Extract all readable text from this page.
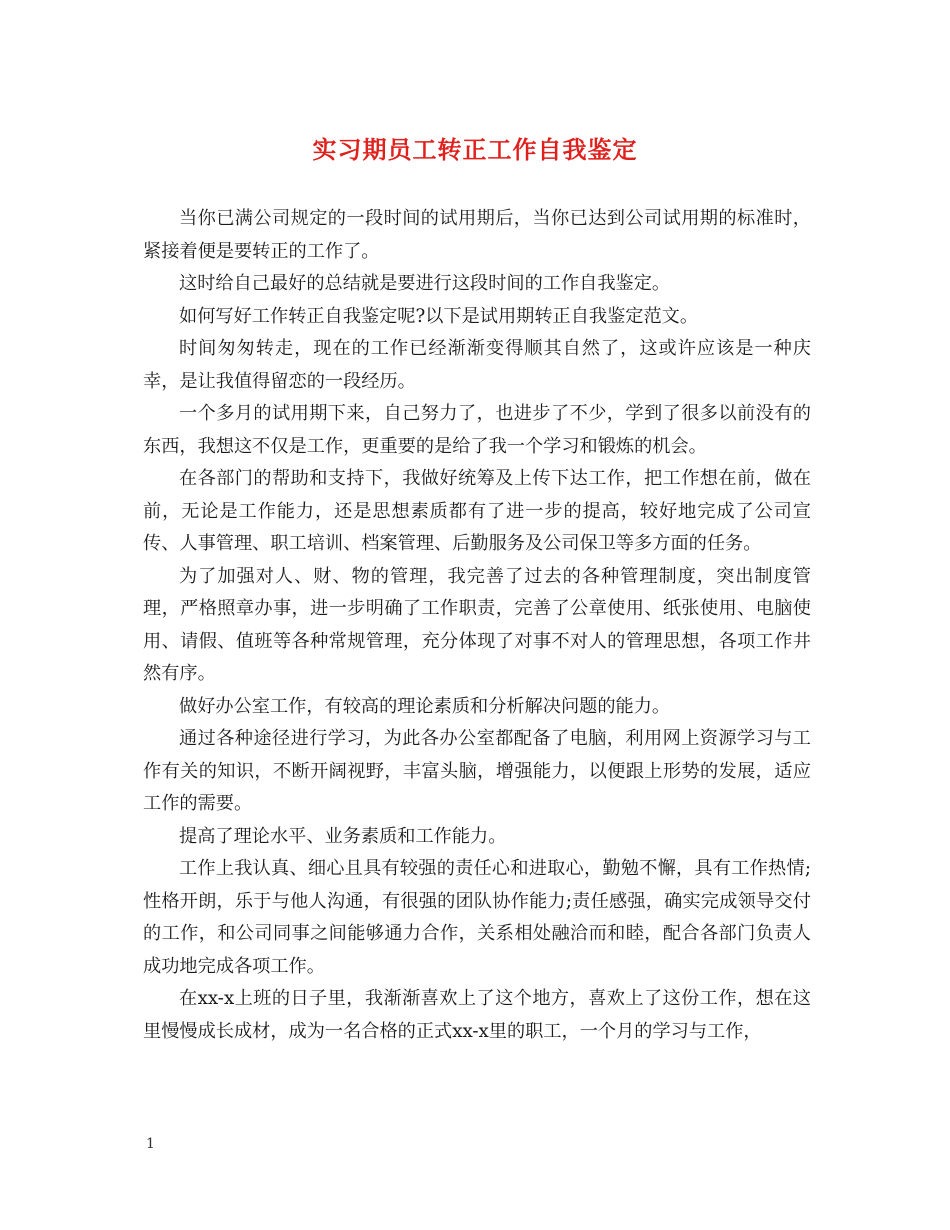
实习期员工转正工作自我鉴定

当你已满公司规定的一段时间的试用期后，当你已达到公司试用期的标准时，紧接着便是要转正的工作了。

这时给自己最好的总结就是要进行这段时间的工作自我鉴定。

如何写好工作转正自我鉴定呢?以下是试用期转正自我鉴定范文。

时间匆匆转走，现在的工作已经渐渐变得顺其自然了，这或许应该是一种庆幸，是让我值得留恋的一段经历。

一个多月的试用期下来，自己努力了，也进步了不少，学到了很多以前没有的东西，我想这不仅是工作，更重要的是给了我一个学习和锻炼的机会。

在各部门的帮助和支持下，我做好统筹及上传下达工作，把工作想在前，做在前，无论是工作能力，还是思想素质都有了进一步的提高，较好地完成了公司宣传、人事管理、职工培训、档案管理、后勤服务及公司保卫等多方面的任务。

为了加强对人、财、物的管理，我完善了过去的各种管理制度，突出制度管理，严格照章办事，进一步明确了工作职责，完善了公章使用、纸张使用、电脑使用、请假、值班等各种常规管理，充分体现了对事不对人的管理思想，各项工作井然有序。

做好办公室工作，有较高的理论素质和分析解决问题的能力。

通过各种途径进行学习，为此各办公室都配备了电脑，利用网上资源学习与工作有关的知识，不断开阔视野，丰富头脑，增强能力，以便跟上形势的发展，适应工作的需要。

提高了理论水平、业务素质和工作能力。

工作上我认真、细心且具有较强的责任心和进取心，勤勉不懈，具有工作热情;性格开朗，乐于与他人沟通，有很强的团队协作能力;责任感强，确实完成领导交付的工作，和公司同事之间能够通力合作，关系相处融洽而和睦，配合各部门负责人成功地完成各项工作。

在xx-x上班的日子里，我渐渐喜欢上了这个地方，喜欢上了这份工作，想在这里慢慢成长成材，成为一名合格的正式xx-x里的职工，一个月的学习与工作，

1
